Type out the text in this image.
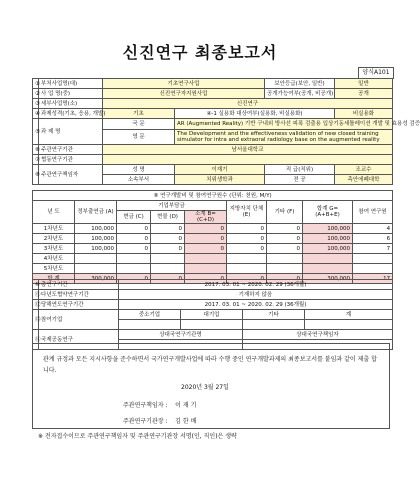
신진연구 최종보고서
양식A101
①	부처사업명(대)	기초연구사업		보안등급(보안, 일반)	일반
②	사 업 명(중)	신진연구자지원사업		공개가능여부(공개, 비공개)	공개
③	세부사업명(소)	신진연구			
④	과제성격(기초, 응용, 개발)	기초	④-1 실용화 대상여부(실용화, 비실용화)		비실용화
⑤	과 제 명	국 문	AR (Augmented Reality) 기반 구내외 방사선 피폭 검출용 입상기동세틀레이션 개발 및 효용성 검증		
		영 문	The Development and the effectiveness validation of new closed training simulator for intra and extraoral radiology base on the augmented reality		
⑥	주관연구기관	남서울대학교			
⑦	협동연구기관				
⑧	주관연구책임자	성 명	이재기	직 급(직위)	조교수
		소속부서	치위생학과	전 공	측안에페대학
⑨ 연구개발비 및 참여연구원수 (단위: 천원, M/Y)								
년 도	정부출연금 (A)	기업부담금			지방자치 단체 (E)	기타 (F)	합계 G=(A+B+E)	참여 연구원
		현금 (C)	현물 (D)	소계 B=(C+D)				
1차년도	100,000	0	0	0	0	0	100,000	4
2차년도	100,000	0	0	0	0	0	100,000	6
3차년도	100,000	0	0	0	0	0	100,000	7
4차년도								
5차년도								
합 계	300,000	0	0	0	0	0	300,000	17
⑩	총연구기간	2017. 03. 01 ~ 2020. 02. 29 (36개월)			
⑪	다년도협약연구기간	기재하지 않음			
⑫	당해연도연구기간	2017. 03. 01 ~ 2020. 02. 29 (36개월)			
⑬	참여기업	중소기업	대기업	기타	계

⑭	국제공동연구	상대국연구기관명		상대국연구책임자	

관계 규정과 모든 지시사항을 준수하면서 국가연구개발사업에 따라 수행 중인 연구개발과제의 최종보고서를 붙임과 같이 제출 합니다.
2020년 3월 27일
주관연구책임자 : 이 재 기
주관연구기관장 : 김 한 배
※ 전자접수이므로 주관연구책임자 및 주관연구기관장 서명(인, 직인)은 생략
